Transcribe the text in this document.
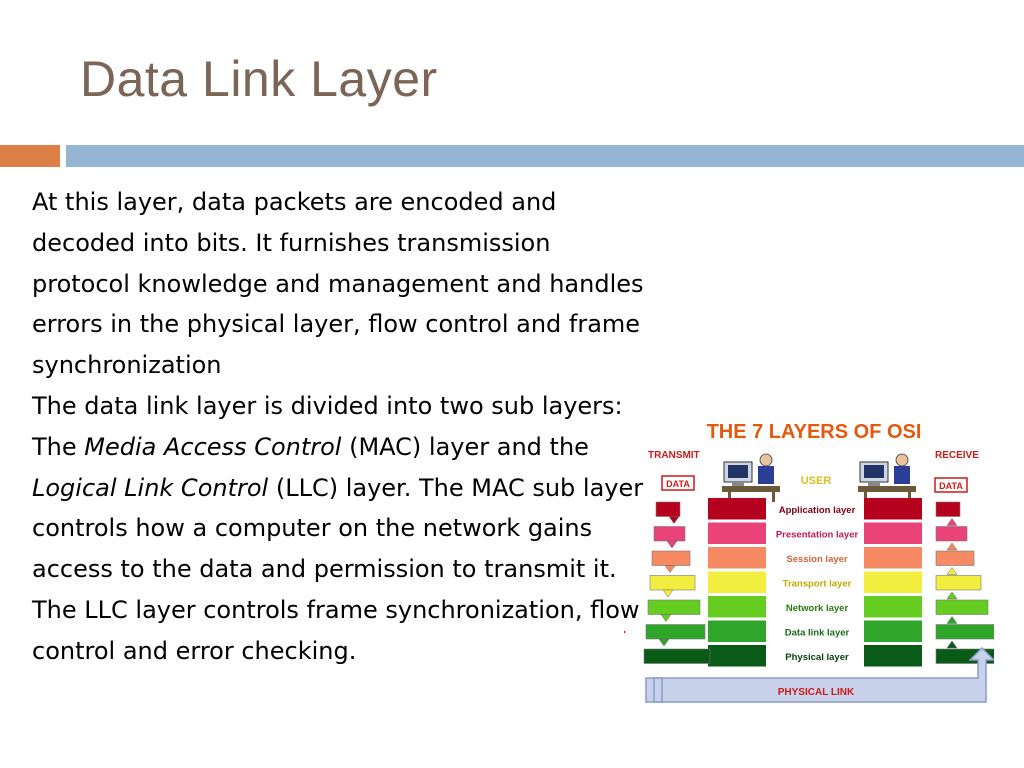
Data Link Layer

At this layer, data packets are encoded and decoded into bits. It furnishes transmission protocol knowledge and management and handles errors in the physical layer, flow control and frame synchronization

The data link layer is divided into two sub layers: The Media Access Control (MAC) layer and the Logical Link Control (LLC) layer. The MAC sub layer controls how a computer on the network gains access to the data and permission to transmit it. The LLC layer controls frame synchronization, flow control and error checking.

THE 7 LAYERS OF OSI
TRANSMIT	RECEIVE
DATA	DATA
USER
Application layer
Presentation layer
Session layer
Transport layer
Network layer
Data link layer
Physical layer
PHYSICAL LINK
